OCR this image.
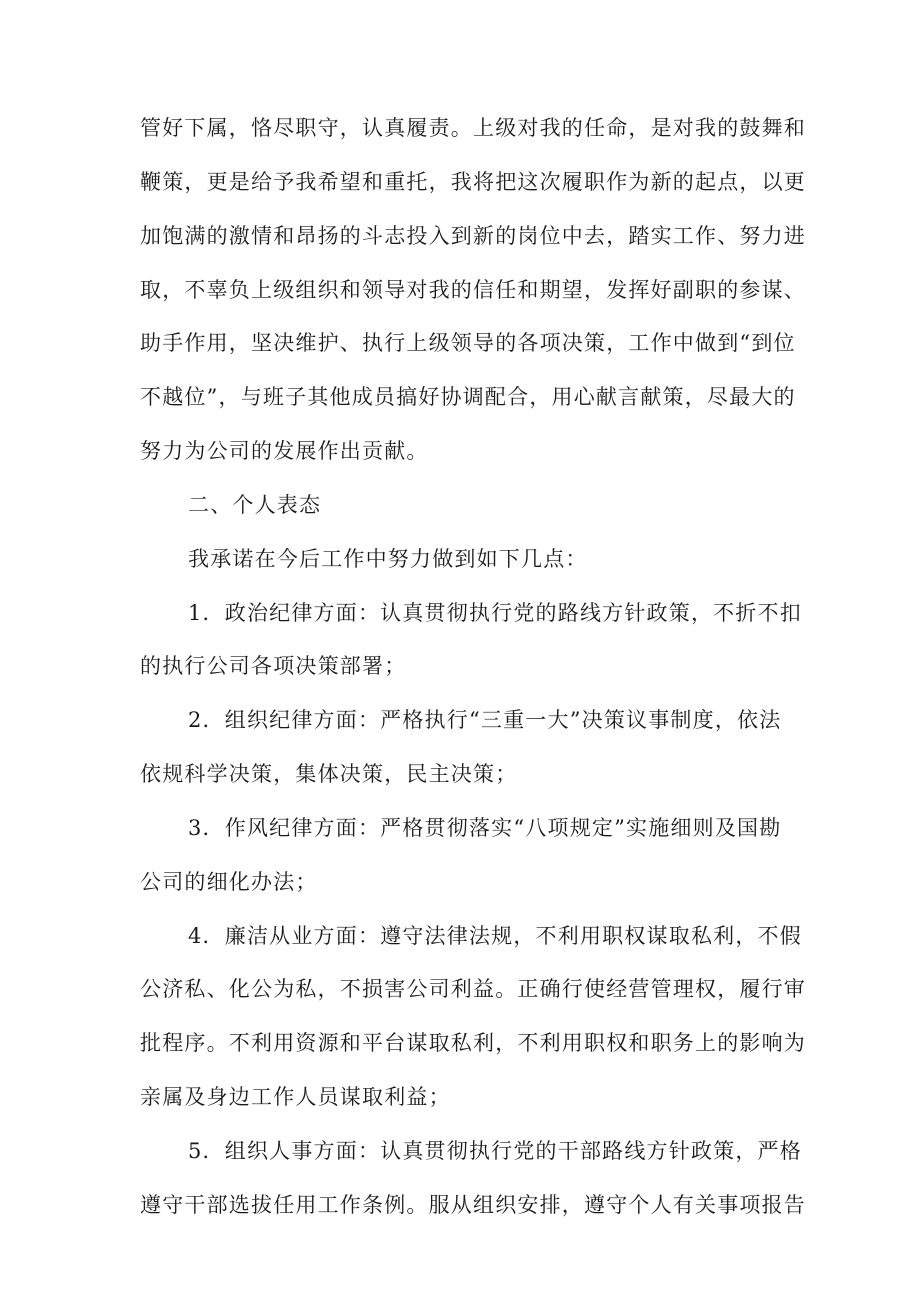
管好下属，恪尽职守，认真履责。上级对我的任命，是对我的鼓舞和
鞭策，更是给予我希望和重托，我将把这次履职作为新的起点，以更
加饱满的激情和昂扬的斗志投入到新的岗位中去，踏实工作、努力进
取，不辜负上级组织和领导对我的信任和期望，发挥好副职的参谋、
助手作用，坚决维护、执行上级领导的各项决策，工作中做到“到位
不越位”，与班子其他成员搞好协调配合，用心献言献策，尽最大的
努力为公司的发展作出贡献。
二、个人表态
我承诺在今后工作中努力做到如下几点：
1．政治纪律方面：认真贯彻执行党的路线方针政策，不折不扣
的执行公司各项决策部署；
2．组织纪律方面：严格执行“三重一大”决策议事制度，依法
依规科学决策，集体决策，民主决策；
3．作风纪律方面：严格贯彻落实“八项规定”实施细则及国勘
公司的细化办法；
4．廉洁从业方面：遵守法律法规，不利用职权谋取私利，不假
公济私、化公为私，不损害公司利益。正确行使经营管理权，履行审
批程序。不利用资源和平台谋取私利，不利用职权和职务上的影响为
亲属及身边工作人员谋取利益；
5．组织人事方面：认真贯彻执行党的干部路线方针政策，严格
遵守干部选拔任用工作条例。服从组织安排，遵守个人有关事项报告
